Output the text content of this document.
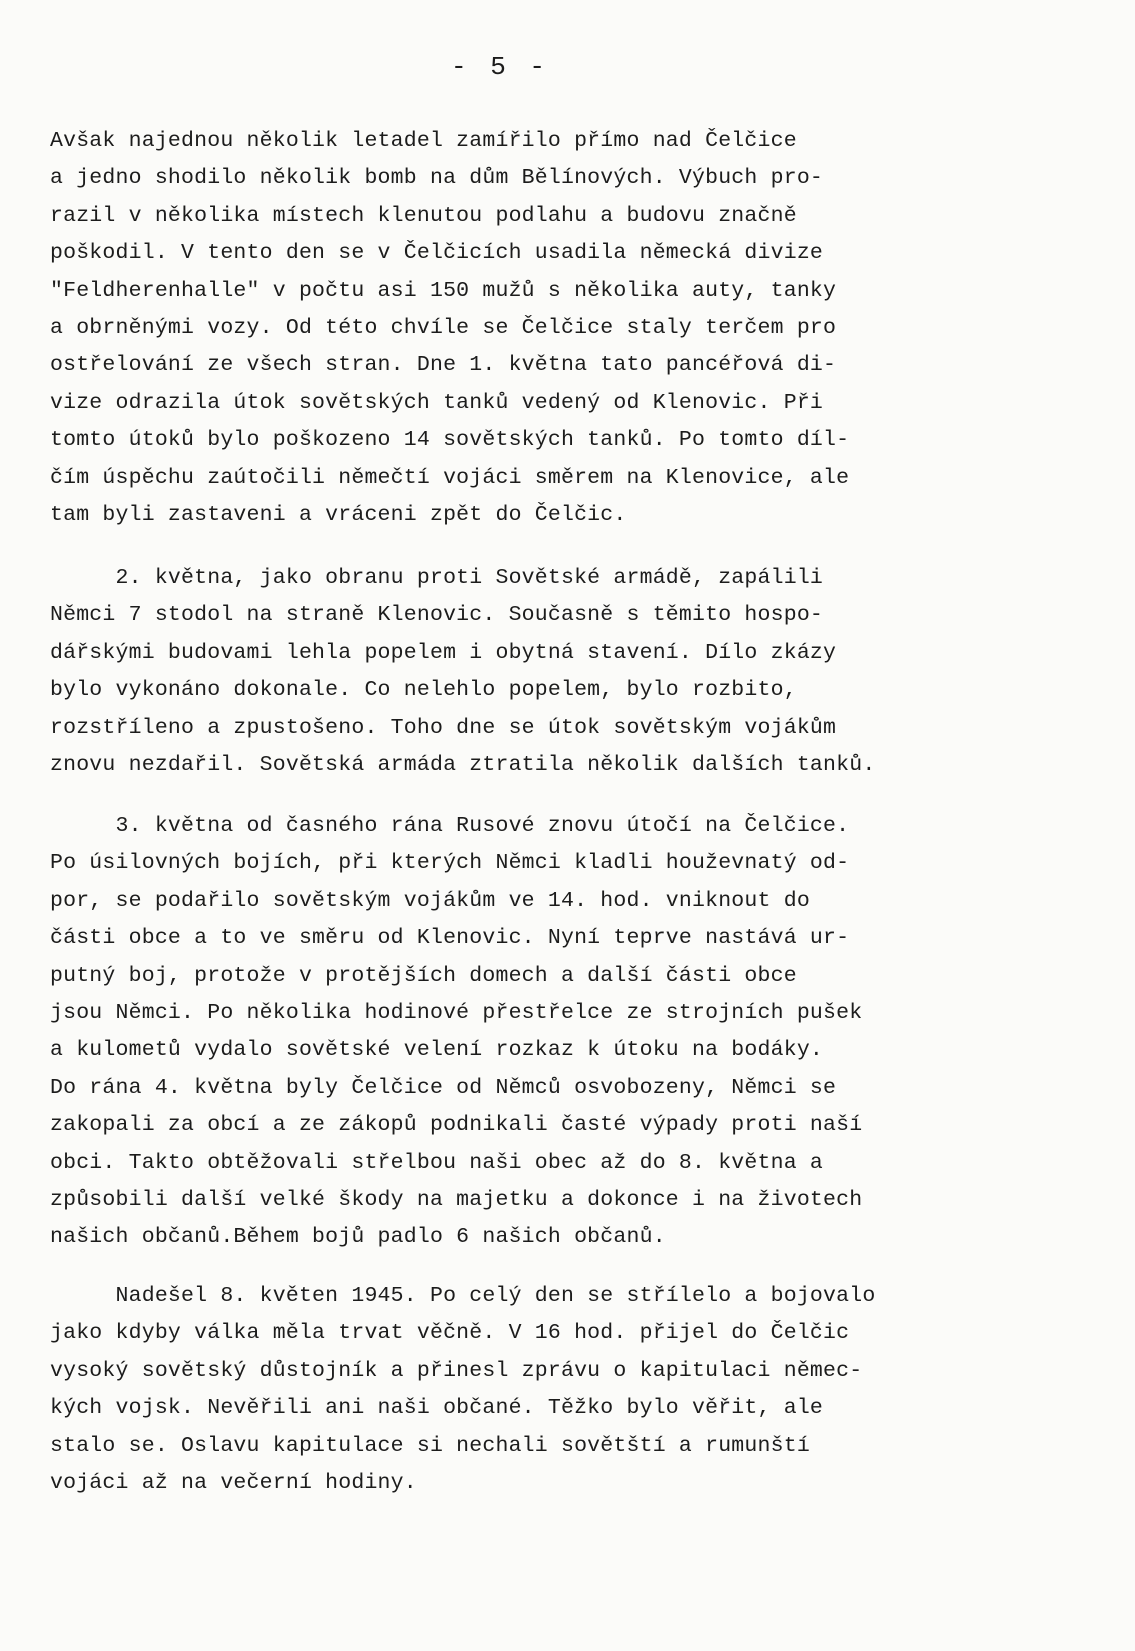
- 5 -

Avšak najednou několik letadel zamířilo přímo nad Čelčice
a jedno shodilo několik bomb na dům Bělínových. Výbuch pro-
razil v několika místech klenutou podlahu a budovu značně
poškodil. V tento den se v Čelčicích usadila německá divize
"Feldherenhalle" v počtu asi 150 mužů s několika auty, tanky
a obrněnými vozy. Od této chvíle se Čelčice staly terčem pro
ostřelování ze všech stran. Dne 1. května tato pancéřová di-
vize odrazila útok sovětských tanků vedený od Klenovic. Při
tomto útoků bylo poškozeno 14 sovětských tanků. Po tomto díl-
čím úspěchu zaútočili němečtí vojáci směrem na Klenovice, ale
tam byli zastaveni a vráceni zpět do Čelčic.

2. května, jako obranu proti Sovětské armádě, zapálili
Němci 7 stodol na straně Klenovic. Současně s těmito hospo-
dářskými budovami lehla popelem i obytná stavení. Dílo zkázy
bylo vykonáno dokonale. Co nelehlo popelem, bylo rozbito,
rozstříleno a zpustošeno. Toho dne se útok sovětským vojákům
znovu nezdařil. Sovětská armáda ztratila několik dalších tanků.

3. května od časného rána Rusové znovu útočí na Čelčice.
Po úsilovných bojích, při kterých Němci kladli houževnatý od-
por, se podařilo sovětským vojákům ve 14. hod. vniknout do
části obce a to ve směru od Klenovic. Nyní teprve nastává ur-
putný boj, protože v protějších domech a další části obce
jsou Němci. Po několika hodinové přestřelce ze strojních pušek
a kulometů vydalo sovětské velení rozkaz k útoku na bodáky.
Do rána 4. května byly Čelčice od Němců osvobozeny, Němci se
zakopali za obcí a ze zákopů podnikali časté výpady proti naší
obci. Takto obtěžovali střelbou naši obec až do 8. května a
způsobili další velké škody na majetku a dokonce i na životech
našich občanů.Během bojů padlo 6 našich občanů.

Nadešel 8. květen 1945. Po celý den se střílelo a bojovalo
jako kdyby válka měla trvat věčně. V 16 hod. přijel do Čelčic
vysoký sovětský důstojník a přinesl zprávu o kapitulaci němec-
kých vojsk. Nevěřili ani naši občané. Těžko bylo věřit, ale
stalo se. Oslavu kapitulace si nechali sovětští a rumunští
vojáci až na večerní hodiny.
